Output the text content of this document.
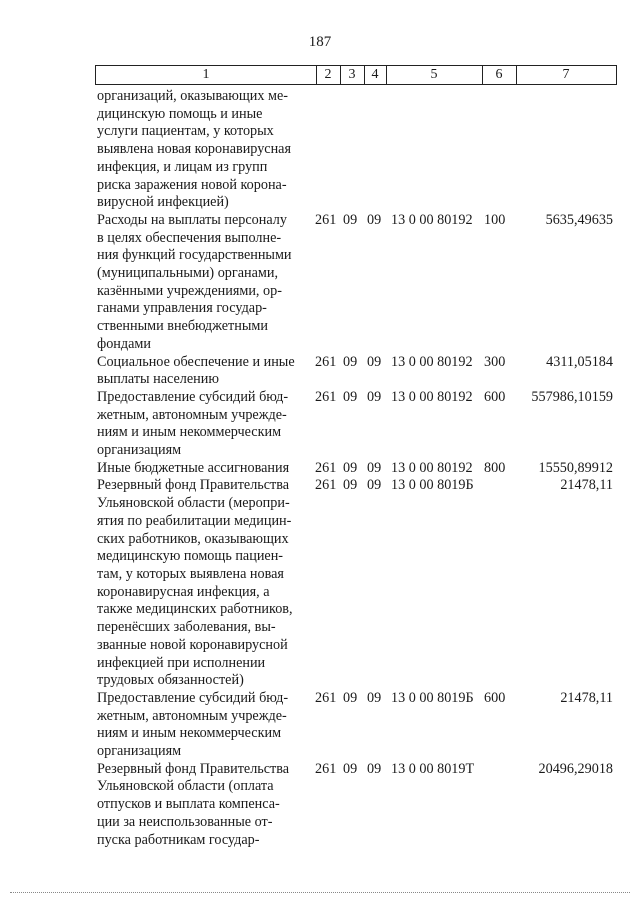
187
1	2	3	4	5	6	7
организаций, оказывающих ме-
дицинскую помощь и иные
услуги пациентам, у которых
выявлена новая коронавирусная
инфекция, и лицам из групп
риска заражения новой корона-
вирусной инфекцией)
Расходы на выплаты персоналу
в целях обеспечения выполне-
ния функций государственными
(муниципальными) органами,
казёнными учреждениями, ор-
ганами управления государ-
ственными внебюджетными
фондами
261 09 09 13 0 00 80192 100	5635,49635
Социальное обеспечение и иные
выплаты населению
261 09 09 13 0 00 80192 300	4311,05184
Предоставление субсидий бюд-
жетным, автономным учрежде-
ниям и иным некоммерческим
организациям
261 09 09 13 0 00 80192 600 557986,10159
Иные бюджетные ассигнования	261 09 09 13 0 00 80192 800 15550,89912
Резервный фонд Правительства
Ульяновской области (меропри-
ятия по реабилитации медицин-
ских работников, оказывающих
медицинскую помощь пациен-
там, у которых выявлена новая
коронавирусная инфекция, а
также медицинских работников,
перенёсших заболевания, вы-
званные новой коронавирусной
инфекцией при исполнении
трудовых обязанностей)
261 09 09 13 0 00 8019Б	21478,11
Предоставление субсидий бюд-
жетным, автономным учрежде-
ниям и иным некоммерческим
организациям
261 09 09 13 0 00 8019Б 600	21478,11
Резервный фонд Правительства
Ульяновской области (оплата
отпусков и выплата компенса-
ции за неиспользованные от-
пуска работникам государ-
261 09 09 13 0 00 8019Т	20496,29018
